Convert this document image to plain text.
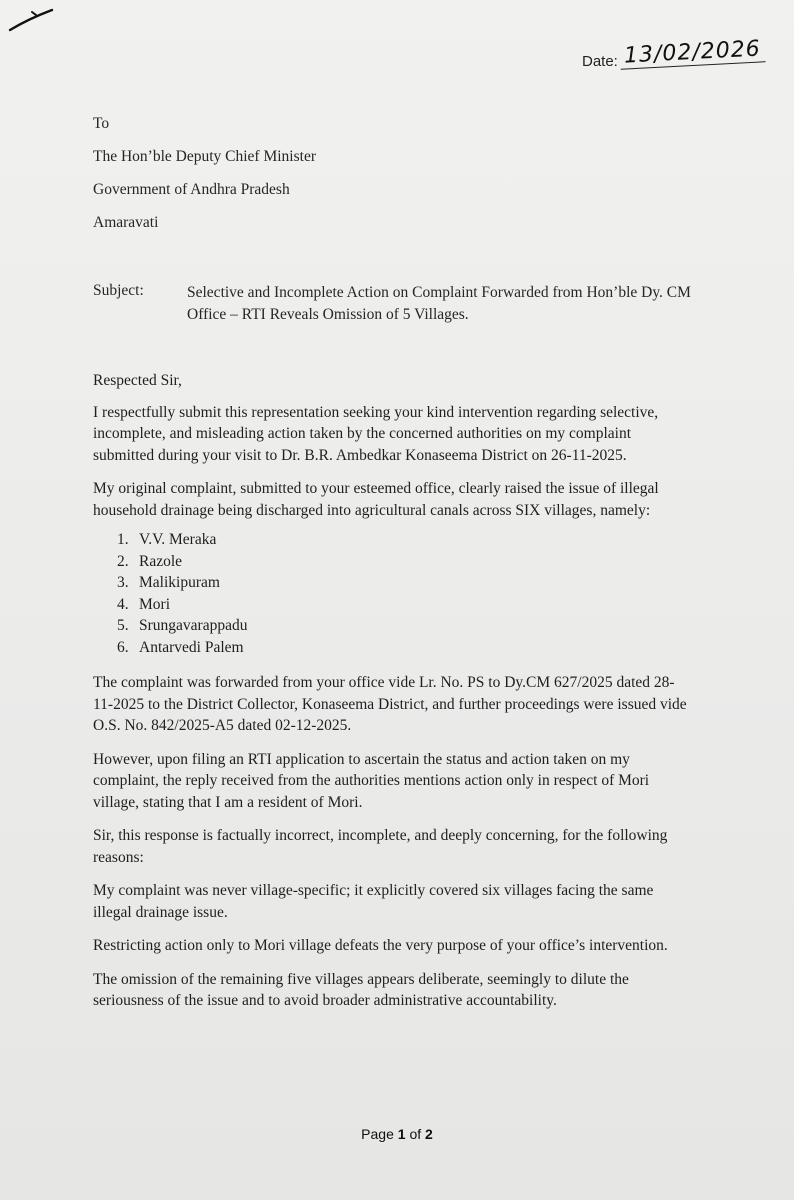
Date: 13/02/2026
To
The Hon’ble Deputy Chief Minister
Government of Andhra Pradesh
Amaravati
Subject:	Selective and Incomplete Action on Complaint Forwarded from Hon’ble Dy. CM Office – RTI Reveals Omission of 5 Villages.

Respected Sir,

I respectfully submit this representation seeking your kind intervention regarding selective, incomplete, and misleading action taken by the concerned authorities on my complaint submitted during your visit to Dr. B.R. Ambedkar Konaseema District on 26-11-2025.

My original complaint, submitted to your esteemed office, clearly raised the issue of illegal household drainage being discharged into agricultural canals across SIX villages, namely:

1. V.V. Meraka
2. Razole
3. Malikipuram
4. Mori
5. Srungavarappadu
6. Antarvedi Palem

The complaint was forwarded from your office vide Lr. No. PS to Dy.CM 627/2025 dated 28-11-2025 to the District Collector, Konaseema District, and further proceedings were issued vide O.S. No. 842/2025-A5 dated 02-12-2025.

However, upon filing an RTI application to ascertain the status and action taken on my complaint, the reply received from the authorities mentions action only in respect of Mori village, stating that I am a resident of Mori.

Sir, this response is factually incorrect, incomplete, and deeply concerning, for the following reasons:

My complaint was never village-specific; it explicitly covered six villages facing the same illegal drainage issue.

Restricting action only to Mori village defeats the very purpose of your office’s intervention.

The omission of the remaining five villages appears deliberate, seemingly to dilute the seriousness of the issue and to avoid broader administrative accountability.

Page 1 of 2
